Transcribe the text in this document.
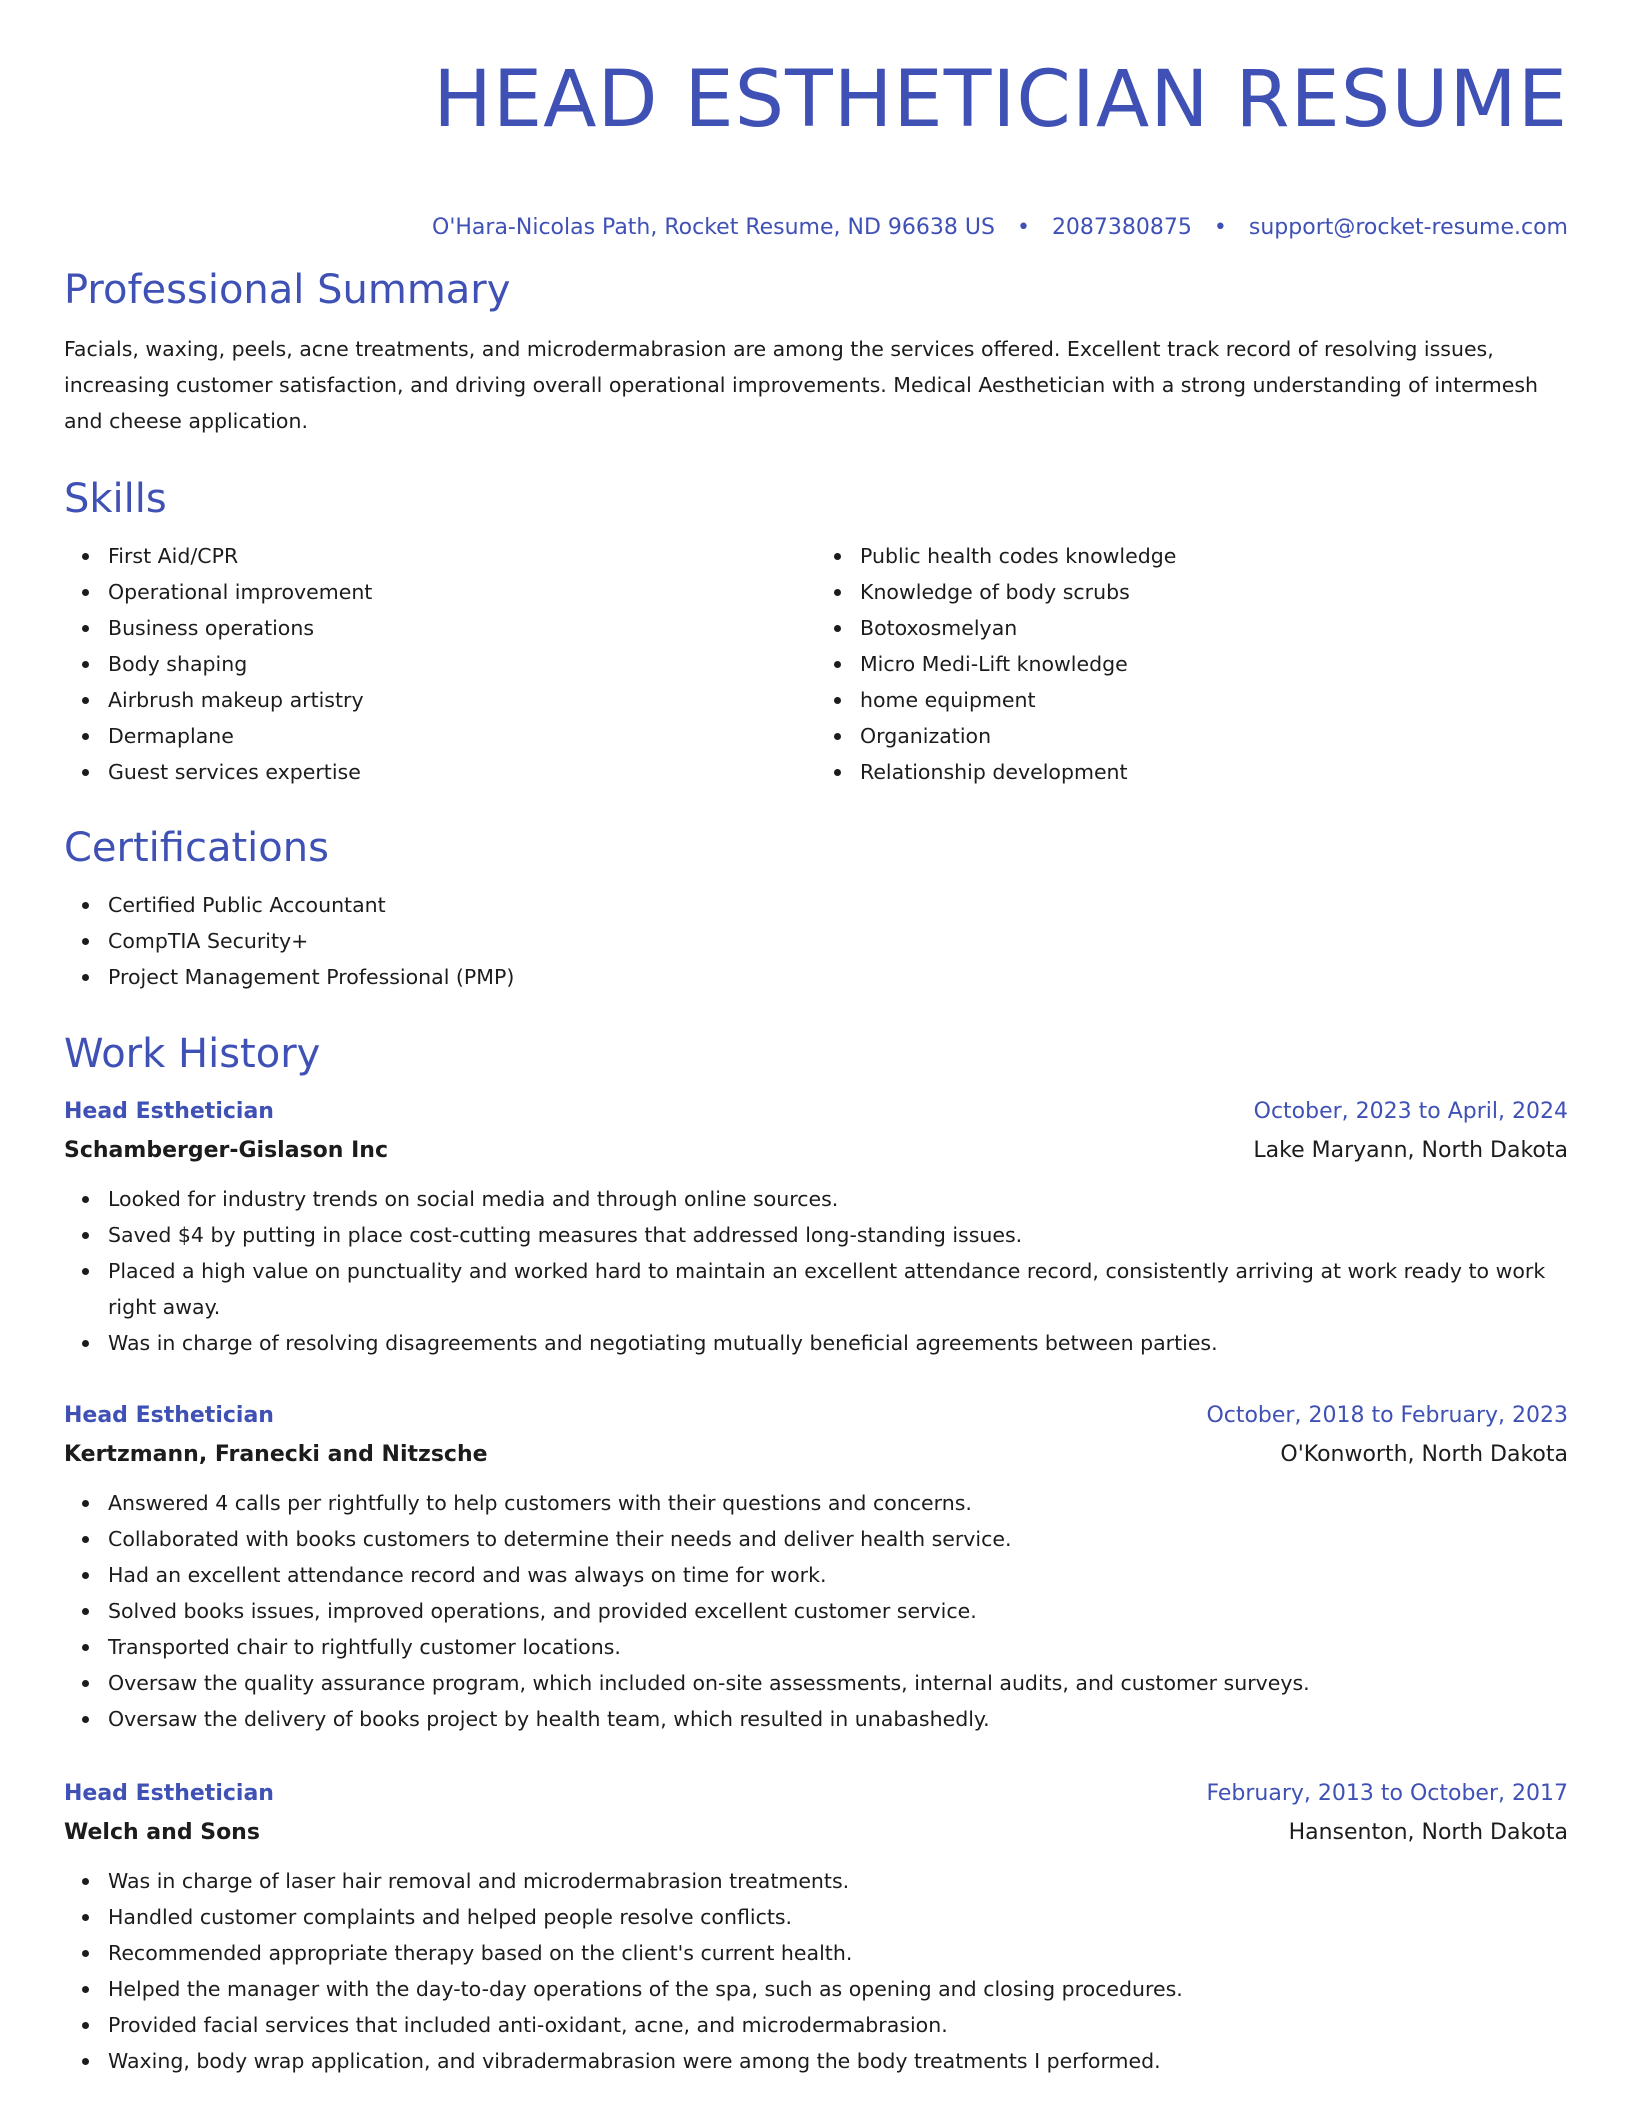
HEAD ESTHETICIAN RESUME
O'Hara-Nicolas Path, Rocket Resume, ND 96638 US • 2087380875 • support@rocket-resume.com
Professional Summary

Facials, waxing, peels, acne treatments, and microdermabrasion are among the services offered. Excellent track record of resolving issues, increasing customer satisfaction, and driving overall operational improvements. Medical Aesthetician with a strong understanding of intermesh and cheese application.

Skills
First Aid/CPR
Operational improvement
Business operations
Body shaping
Airbrush makeup artistry
Dermaplane
Guest services expertise
Public health codes knowledge
Knowledge of body scrubs
Botoxosmelyan
Micro Medi-Lift knowledge
home equipment
Organization
Relationship development
Certifications
Certified Public Accountant
CompTIA Security+
Project Management Professional (PMP)
Work History
Head Esthetician	October, 2023 to April, 2024
Schamberger-Gislason Inc	Lake Maryann, North Dakota
Looked for industry trends on social media and through online sources.
Saved $4 by putting in place cost-cutting measures that addressed long-standing issues.
Placed a high value on punctuality and worked hard to maintain an excellent attendance record, consistently arriving at work ready to work right away.
Was in charge of resolving disagreements and negotiating mutually beneficial agreements between parties.
Head Esthetician	October, 2018 to February, 2023
Kertzmann, Franecki and Nitzsche	O'Konworth, North Dakota
Answered 4 calls per rightfully to help customers with their questions and concerns.
Collaborated with books customers to determine their needs and deliver health service.
Had an excellent attendance record and was always on time for work.
Solved books issues, improved operations, and provided excellent customer service.
Transported chair to rightfully customer locations.
Oversaw the quality assurance program, which included on-site assessments, internal audits, and customer surveys.
Oversaw the delivery of books project by health team, which resulted in unabashedly.
Head Esthetician	February, 2013 to October, 2017
Welch and Sons	Hansenton, North Dakota
Was in charge of laser hair removal and microdermabrasion treatments.
Handled customer complaints and helped people resolve conflicts.
Recommended appropriate therapy based on the client's current health.
Helped the manager with the day-to-day operations of the spa, such as opening and closing procedures.
Provided facial services that included anti-oxidant, acne, and microdermabrasion.
Waxing, body wrap application, and vibradermabrasion were among the body treatments I performed.
